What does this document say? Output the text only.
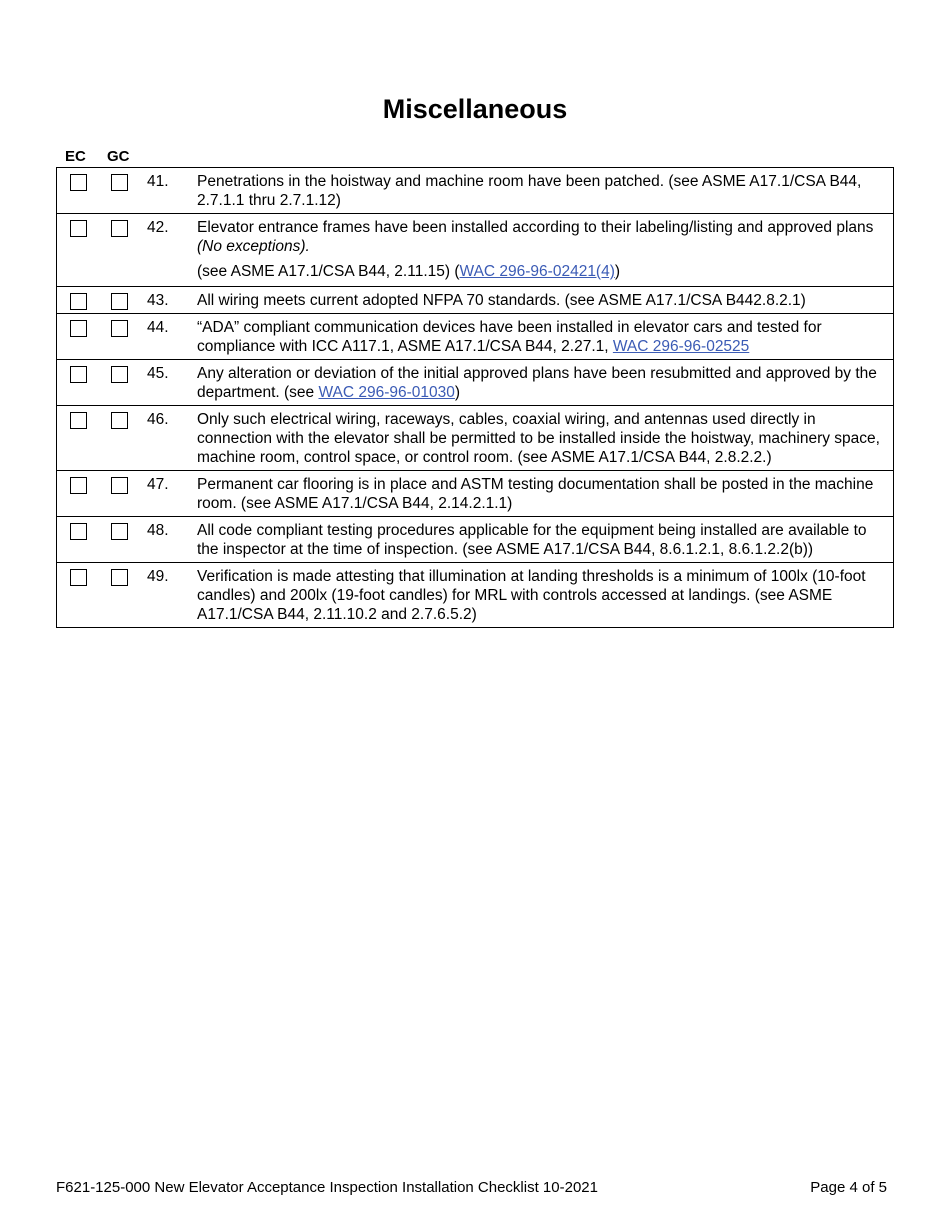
Miscellaneous
EC GC

	41.	Penetrations in the hoistway and machine room have been patched. (see ASME A17.1/CSA B44, 2.7.1.1 thru 2.7.1.12)

	42.	Elevator entrance frames have been installed according to their labeling/listing and approved plans (No exceptions).
(see ASME A17.1/CSA B44, 2.11.15) (WAC 296-96-02421(4))

	43.	All wiring meets current adopted NFPA 70 standards. (see ASME A17.1/CSA B442.8.2.1)

	44.	“ADA” compliant communication devices have been installed in elevator cars and tested for compliance with ICC A117.1, ASME A17.1/CSA B44, 2.27.1, WAC 296-96-02525

	45.	Any alteration or deviation of the initial approved plans have been resubmitted and approved by the department. (see WAC 296-96-01030)

	46.	Only such electrical wiring, raceways, cables, coaxial wiring, and antennas used directly in connection with the elevator shall be permitted to be installed inside the hoistway, machinery space, machine room, control space, or control room. (see ASME A17.1/CSA B44, 2.8.2.2.)

	47.	Permanent car flooring is in place and ASTM testing documentation shall be posted in the machine room. (see ASME A17.1/CSA B44, 2.14.2.1.1)

	48.	All code compliant testing procedures applicable for the equipment being installed are available to the inspector at the time of inspection. (see ASME A17.1/CSA B44, 8.6.1.2.1, 8.6.1.2.2(b))

	49.	Verification is made attesting that illumination at landing thresholds is a minimum of 100lx (10-foot candles) and 200lx (19-foot candles) for MRL with controls accessed at landings. (see ASME A17.1/CSA B44, 2.11.10.2 and 2.7.6.5.2)
F621-125-000 New Elevator Acceptance Inspection Installation Checklist 10-2021	Page 4 of 5
